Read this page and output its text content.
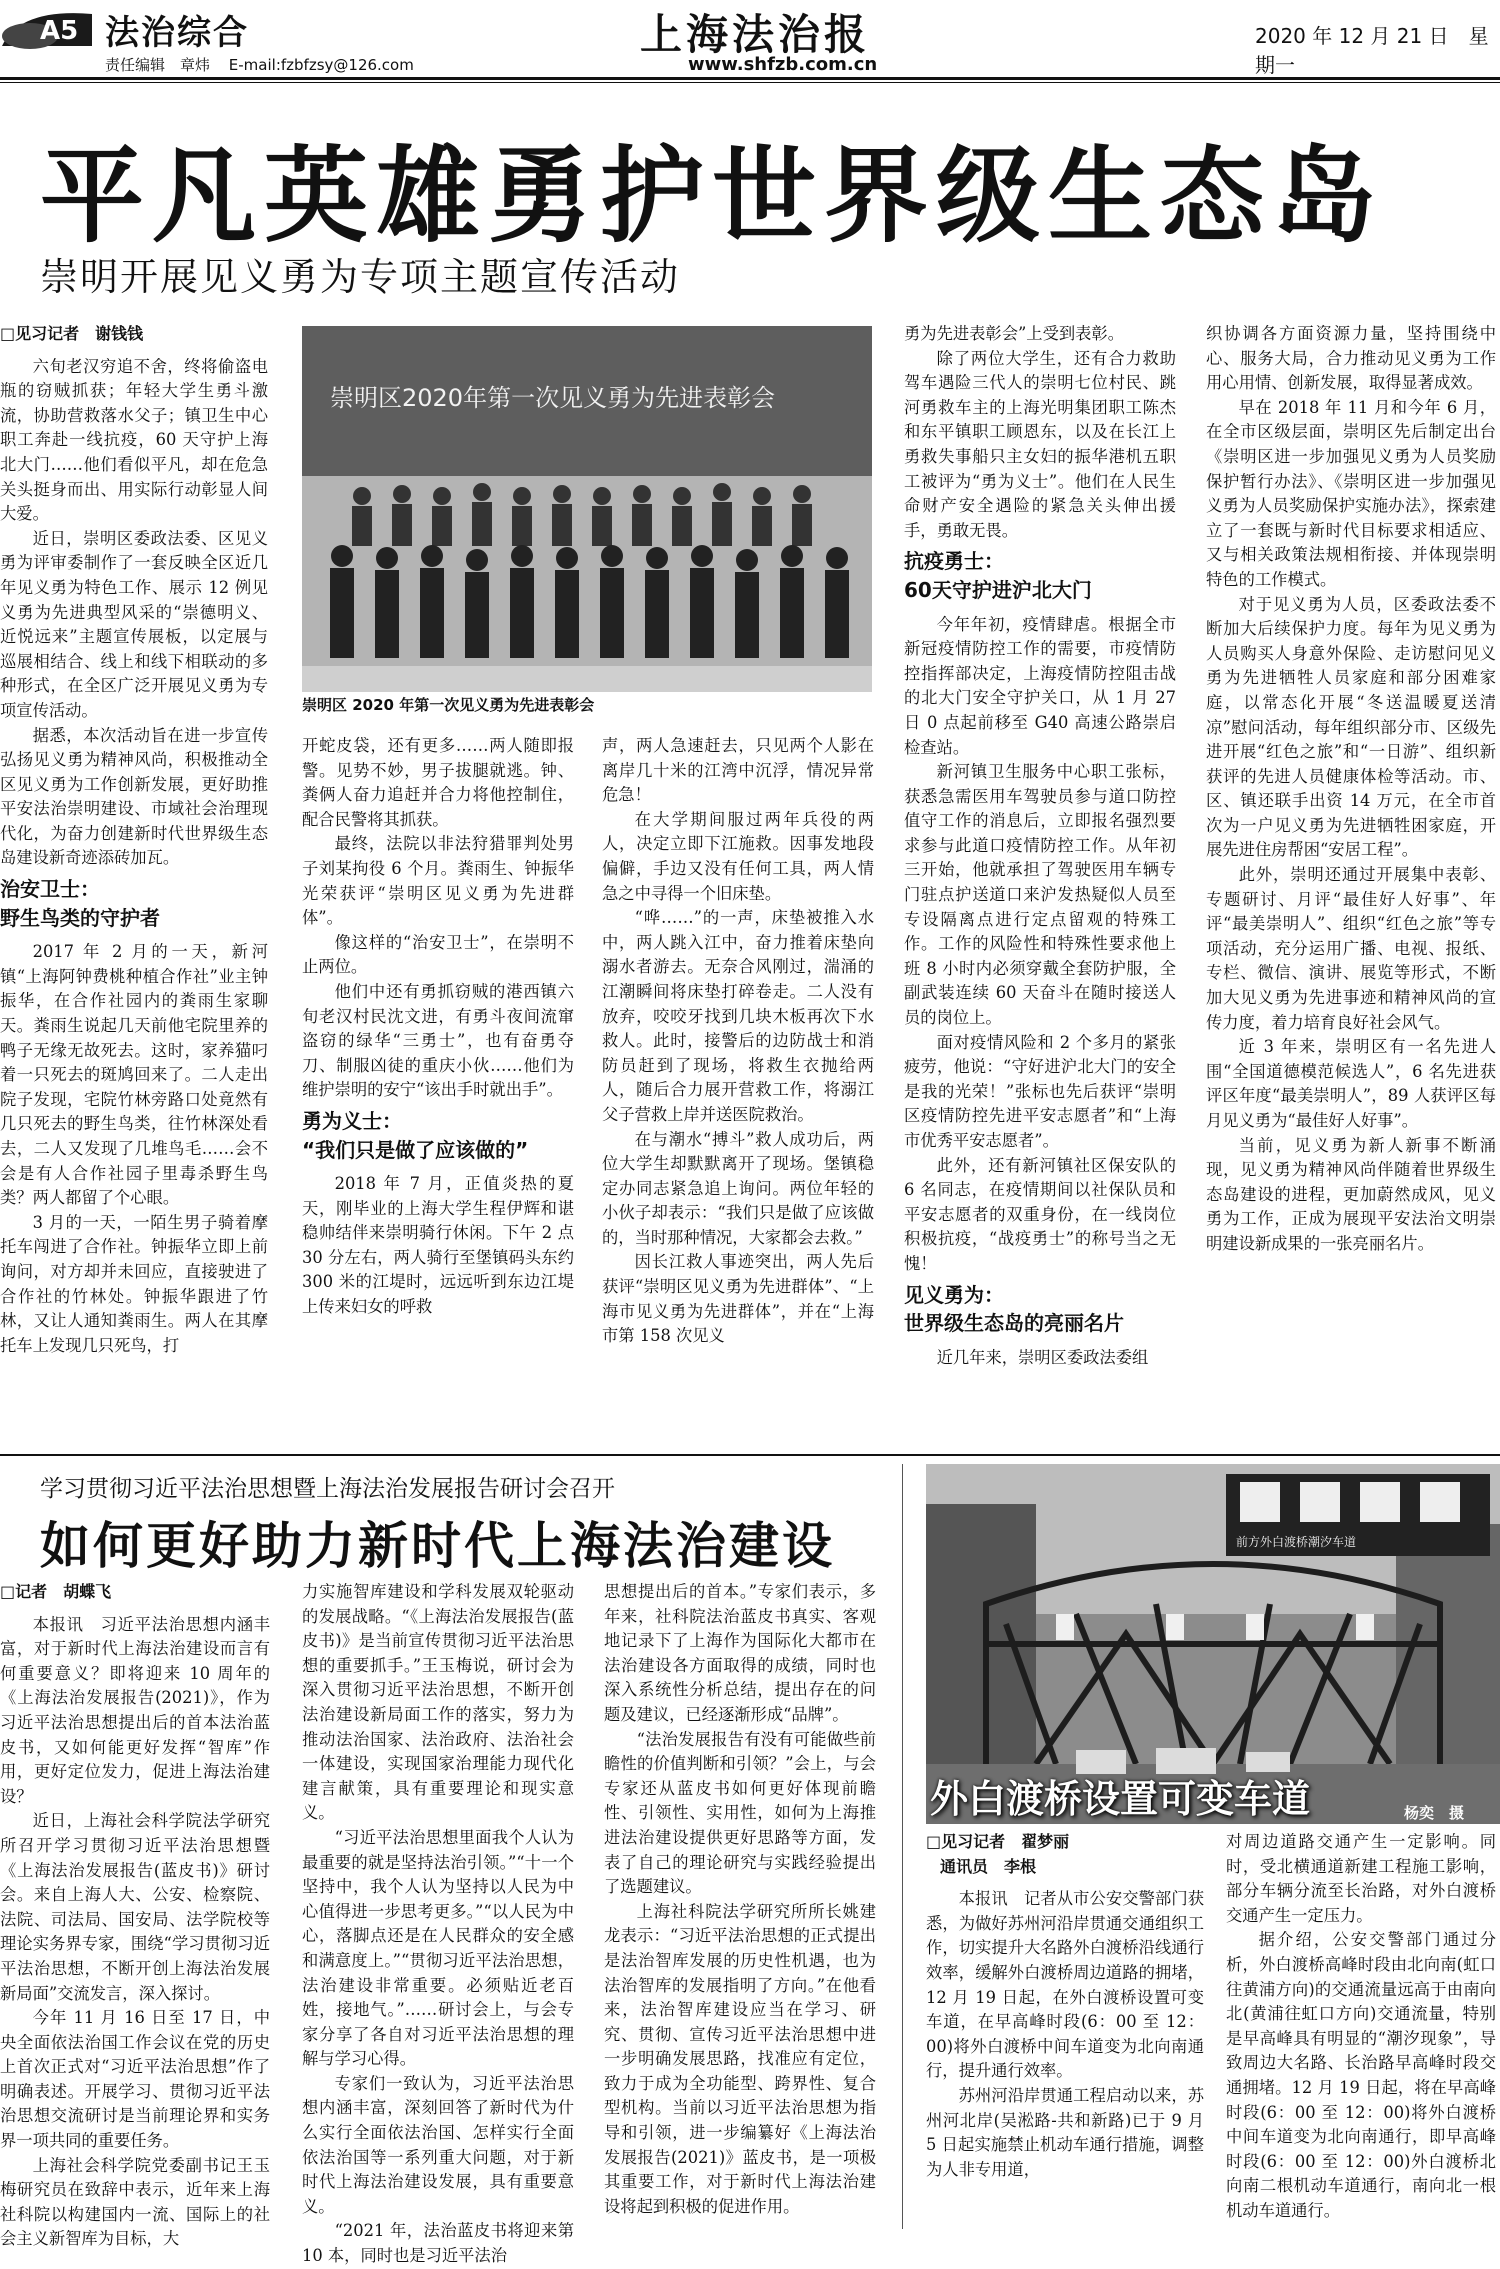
A5 法治综合
责任编辑　章炜 E-mail:fzbfzsy@126.com
上海法治报
www.shfzb.com.cn
2020 年 12 月 21 日　星期一
平凡英雄勇护世界级生态岛
崇明开展见义勇为专项主题宣传活动
□见习记者　谢钱钱

六旬老汉穷追不舍，终将偷盗电瓶的窃贼抓获；年轻大学生勇斗激流，协助营救落水父子；镇卫生中心职工奔赴一线抗疫，60 天守护上海北大门……他们看似平凡，却在危急关头挺身而出、用实际行动彰显人间大爱。

近日，崇明区委政法委、区见义勇为评审委制作了一套反映全区近几年见义勇为特色工作、展示 12 例见义勇为先进典型风采的“崇德明义、近悦远来”主题宣传展板，以定展与巡展相结合、线上和线下相联动的多种形式，在全区广泛开展见义勇为专项宣传活动。

据悉，本次活动旨在进一步宣传弘扬见义勇为精神风尚，积极推动全区见义勇为工作创新发展，更好助推平安法治崇明建设、市域社会治理现代化，为奋力创建新时代世界级生态岛建设新奇迹添砖加瓦。

治安卫士：
野生鸟类的守护者

2017 年 2 月的一天，新河镇“上海阿钟费桃种植合作社”业主钟振华，在合作社园内的粪雨生家聊天。粪雨生说起几天前他宅院里养的鸭子无缘无故死去。这时，家养猫叼着一只死去的斑鸠回来了。二人走出院子发现，宅院竹林旁路口处竟然有几只死去的野生鸟类，往竹林深处看去，二人又发现了几堆鸟毛……会不会是有人合作社园子里毒杀野生鸟类？两人都留了个心眼。

3 月的一天，一陌生男子骑着摩托车闯进了合作社。钟振华立即上前询问，对方却并未回应，直接驶进了合作社的竹林处。钟振华跟进了竹林，又让人通知粪雨生。两人在其摩托车上发现几只死鸟，打

崇明区2020年第一次见义勇为先进表彰会
崇明区 2020 年第一次见义勇为先进表彰会

开蛇皮袋，还有更多……两人随即报警。见势不妙，男子拔腿就逃。钟、粪俩人奋力追赶并合力将他控制住，配合民警将其抓获。

最终，法院以非法狩猎罪判处男子刘某拘役 6 个月。粪雨生、钟振华光荣获评“崇明区见义勇为先进群体”。

像这样的“治安卫士”，在崇明不止两位。

他们中还有勇抓窃贼的港西镇六旬老汉村民沈文进，有勇斗夜间流窜盗窃的绿华“三勇士”，也有奋勇夺刀、制服凶徒的重庆小伙……他们为维护崇明的安宁“该出手时就出手”。

勇为义士：
“我们只是做了应该做的”

2018 年 7 月，正值炎热的夏天，刚毕业的上海大学生程伊辉和谌稳帅结伴来崇明骑行休闲。下午 2 点 30 分左右，两人骑行至堡镇码头东约 300 米的江堤时，远远听到东边江堤上传来妇女的呼救

声，两人急速赶去，只见两个人影在离岸几十米的江湾中沉浮，情况异常危急！

在大学期间服过两年兵役的两人，决定立即下江施救。因事发地段偏僻，手边又没有任何工具，两人情急之中寻得一个旧床垫。

“哗……”的一声，床垫被推入水中，两人跳入江中，奋力推着床垫向溺水者游去。无奈合风刚过，湍涌的江潮瞬间将床垫打碎卷走。二人没有放弃，咬咬牙找到几块木板再次下水救人。此时，接警后的边防战士和消防员赶到了现场，将救生衣抛给两人，随后合力展开营救工作，将溺江父子营救上岸并送医院救治。

在与潮水“搏斗”救人成功后，两位大学生却默默离开了现场。堡镇稳定办同志紧急追上询问。两位年轻的小伙子却表示：“我们只是做了应该做的，当时那种情况，大家都会去救。”

因长江救人事迹突出，两人先后获评“崇明区见义勇为先进群体”、“上海市见义勇为先进群体”，并在“上海市第 158 次见义

勇为先进表彰会”上受到表彰。

除了两位大学生，还有合力救助驾车遇险三代人的崇明七位村民、跳河勇救车主的上海光明集团职工陈杰和东平镇职工顾恩东，以及在长江上勇救失事船只主女妇的振华港机五职工被评为“勇为义士”。他们在人民生命财产安全遇险的紧急关头伸出援手，勇敢无畏。

抗疫勇士：
60天守护进沪北大门

今年年初，疫情肆虐。根据全市新冠疫情防控工作的需要，市疫情防控指挥部决定，上海疫情防控阻击战的北大门安全守护关口，从 1 月 27 日 0 点起前移至 G40 高速公路崇启检查站。

新河镇卫生服务中心职工张标，获悉急需医用车驾驶员参与道口防控值守工作的消息后，立即报名强烈要求参与此道口疫情防控工作。从年初三开始，他就承担了驾驶医用车辆专门驻点护送道口来沪发热疑似人员至专设隔离点进行定点留观的特殊工作。工作的风险性和特殊性要求他上班 8 小时内必须穿戴全套防护服，全副武装连续 60 天奋斗在随时接送人员的岗位上。

面对疫情风险和 2 个多月的紧张疲劳，他说：“守好进沪北大门的安全是我的光荣！”张标也先后获评“崇明区疫情防控先进平安志愿者”和“上海市优秀平安志愿者”。

此外，还有新河镇社区保安队的 6 名同志，在疫情期间以社保队员和平安志愿者的双重身份，在一线岗位积极抗疫，“战疫勇士”的称号当之无愧！

见义勇为：
世界级生态岛的亮丽名片

近几年来，崇明区委政法委组

织协调各方面资源力量，坚持围绕中心、服务大局，合力推动见义勇为工作用心用情、创新发展，取得显著成效。

早在 2018 年 11 月和今年 6 月，在全市区级层面，崇明区先后制定出台《崇明区进一步加强见义勇为人员奖励保护暂行办法》、《崇明区进一步加强见义勇为人员奖励保护实施办法》，探索建立了一套既与新时代目标要求相适应、又与相关政策法规相衔接、并体现崇明特色的工作模式。

对于见义勇为人员，区委政法委不断加大后续保护力度。每年为见义勇为人员购买人身意外保险、走访慰问见义勇为先进牺牲人员家庭和部分困难家庭，以常态化开展“冬送温暖夏送清凉”慰问活动，每年组织部分市、区级先进开展“红色之旅”和“一日游”、组织新获评的先进人员健康体检等活动。市、区、镇还联手出资 14 万元，在全市首次为一户见义勇为先进牺牲困家庭，开展先进住房帮困“安居工程”。

此外，崇明还通过开展集中表彰、专题研讨、月评“最佳好人好事”、年评“最美崇明人”、组织“红色之旅”等专项活动，充分运用广播、电视、报纸、专栏、微信、演讲、展览等形式，不断加大见义勇为先进事迹和精神风尚的宣传力度，着力培育良好社会风气。

近 3 年来，崇明区有一名先进人围“全国道德模范候选人”，6 名先进获评区年度“最美崇明人”，89 人获评区每月见义勇为“最佳好人好事”。

当前，见义勇为新人新事不断涌现，见义勇为精神风尚伴随着世界级生态岛建设的进程，更加蔚然成风，见义勇为工作，正成为展现平安法治文明崇明建设新成果的一张亮丽名片。

学习贯彻习近平法治思想暨上海法治发展报告研讨会召开
如何更好助力新时代上海法治建设
□记者　胡蝶飞

本报讯　习近平法治思想内涵丰富，对于新时代上海法治建设而言有何重要意义？即将迎来 10 周年的《上海法治发展报告(2021)》，作为习近平法治思想提出后的首本法治蓝皮书，又如何能更好发挥“智库”作用，更好定位发力，促进上海法治建设？

近日，上海社会科学院法学研究所召开学习贯彻习近平法治思想暨《上海法治发展报告(蓝皮书)》研讨会。来自上海人大、公安、检察院、法院、司法局、国安局、法学院校等理论实务界专家，围绕“学习贯彻习近平法治思想，不断开创上海法治发展新局面”交流发言，深入探讨。

今年 11 月 16 日至 17 日，中央全面依法治国工作会议在党的历史上首次正式对“习近平法治思想”作了明确表述。开展学习、贯彻习近平法治思想交流研讨是当前理论界和实务界一项共同的重要任务。

上海社会科学院党委副书记王玉梅研究员在致辞中表示，近年来上海社科院以构建国内一流、国际上的社会主义新智库为目标，大

力实施智库建设和学科发展双轮驱动的发展战略。“《上海法治发展报告(蓝皮书)》是当前宣传贯彻习近平法治思想的重要抓手。”王玉梅说，研讨会为深入贯彻习近平法治思想，不断开创法治建设新局面工作的落实，努力为推动法治国家、法治政府、法治社会一体建设，实现国家治理能力现代化建言献策，具有重要理论和现实意义。

“习近平法治思想里面我个人认为最重要的就是坚持法治引领。”“十一个坚持中，我个人认为坚持以人民为中心值得进一步思考更多。”“以人民为中心，落脚点还是在人民群众的安全感和满意度上。”“贯彻习近平法治思想，法治建设非常重要。必须贴近老百姓，接地气。”……研讨会上，与会专家分享了各自对习近平法治思想的理解与学习心得。

专家们一致认为，习近平法治思想内涵丰富，深刻回答了新时代为什么实行全面依法治国、怎样实行全面依法治国等一系列重大问题，对于新时代上海法治建设发展，具有重要意义。

“2021 年，法治蓝皮书将迎来第 10 本，同时也是习近平法治

思想提出后的首本。”专家们表示，多年来，社科院法治蓝皮书真实、客观地记录下了上海作为国际化大都市在法治建设各方面取得的成绩，同时也深入系统性分析总结，提出存在的问题及建议，已经逐渐形成“品牌”。

“法治发展报告有没有可能做些前瞻性的价值判断和引领？”会上，与会专家还从蓝皮书如何更好体现前瞻性、引领性、实用性，如何为上海推进法治建设提供更好思路等方面，发表了自己的理论研究与实践经验提出了选题建议。

上海社科院法学研究所所长姚建龙表示：“习近平法治思想的正式提出是法治智库发展的历史性机遇，也为法治智库的发展指明了方向。”在他看来，法治智库建设应当在学习、研究、贯彻、宣传习近平法治思想中进一步明确发展思路，找准应有定位，致力于成为全功能型、跨界性、复合型机构。当前以习近平法治思想为指导和引领，进一步编纂好《上海法治发展报告(2021)》蓝皮书，是一项极其重要工作，对于新时代上海法治建设将起到积极的促进作用。

前方外白渡桥潮汐车道
外白渡桥设置可变车道	杨奕　摄
□见习记者　翟梦丽
通讯员　李根

本报讯　记者从市公安交警部门获悉，为做好苏州河沿岸贯通交通组织工作，切实提升大名路外白渡桥沿线通行效率，缓解外白渡桥周边道路的拥堵，12 月 19 日起，在外白渡桥设置可变车道，在早高峰时段(6：00 至 12：00)将外白渡桥中间车道变为北向南通行，提升通行效率。

苏州河沿岸贯通工程启动以来，苏州河北岸(吴淞路-共和新路)已于 9 月 5 日起实施禁止机动车通行措施，调整为人非专用道，

对周边道路交通产生一定影响。同时，受北横通道新建工程施工影响，部分车辆分流至长治路，对外白渡桥交通产生一定压力。

据介绍，公安交警部门通过分析，外白渡桥高峰时段由北向南(虹口往黄浦方向)的交通流量远高于由南向北(黄浦往虹口方向)交通流量，特别是早高峰具有明显的“潮汐现象”，导致周边大名路、长治路早高峰时段交通拥堵。12 月 19 日起，将在早高峰时段(6：00 至 12：00)将外白渡桥中间车道变为北向南通行，即早高峰时段(6：00 至 12：00)外白渡桥北向南二根机动车道通行，南向北一根机动车道通行。
